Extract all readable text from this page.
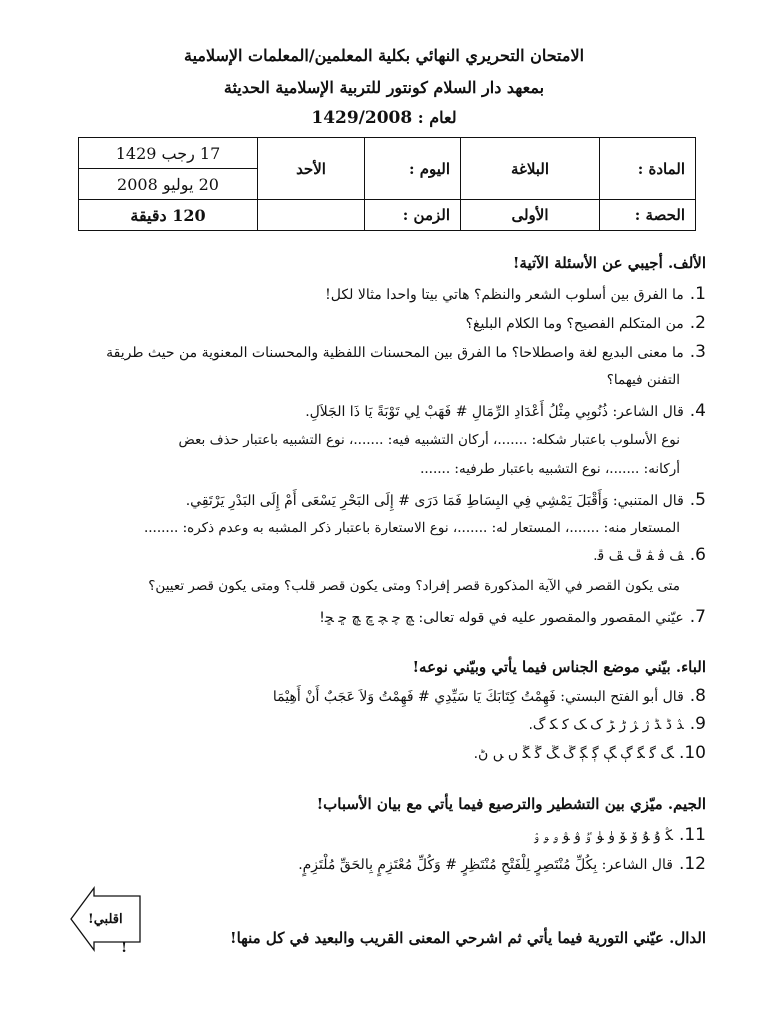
الامتحان التحريري النهائي بكلية المعلمين/المعلمات الإسلامية
بمعهد دار السلام كونتور للتربية الإسلامية الحديثة
لعام : 1429/2008
المادة :	البلاغة	اليوم :	الأحد	17 رجب 1429
				20 يوليو 2008
الحصة :	الأولى	الزمن :		120 دقيقة
الألف. أجيبي عن الأسئلة الآتية!
1.ما الفرق بين أسلوب الشعر والنظم؟ هاتي بيتا واحدا مثالا لكل!
2.من المتكلم الفصيح؟ وما الكلام البليغ؟
3.ما معنى البديع لغة واصطلاحا؟ ما الفرق بين المحسنات اللفظية والمحسنات المعنوية من حيث طريقة
التفنن فيهما؟
4.قال الشاعر: ذُنُوبِي مِثْلُ أَعْدَادِ الرِّمَالِ # فَهَبْ لِي تَوْبَةً يَا ذَا الجَلاَلِ.
نوع الأسلوب باعتبار شكله: .......، أركان التشبيه فيه: .......، نوع التشبيه باعتبار حذف بعض
أركانه: .......، نوع التشبيه باعتبار طرفيه: .......
5.قال المتنبي: وَأَقْبَلَ يَمْشِي فِي البِسَاطِ فَمَا دَرَى # إِلَى البَحْرِ يَسْعَى أَمْ إِلَى البَدْرِ يَرْتَقِي.
المستعار منه: .......، المستعار له: .......، نوع الاستعارة باعتبار ذكر المشبه به وعدم ذكره: ........
6.ﭫ ﭬ ﭭ ﭮ ﭯ ﭰ.
متى يكون القصر في الآية المذكورة قصر إفراد؟ ومتى يكون قصر قلب؟ ومتى يكون قصر تعيين؟
7.عيّني المقصور والمقصور عليه في قوله تعالى: ﭻ ﭼ ﭽ ﭾ ﭿ ﮀ ﮁ!
الباء. بيّني موضع الجناس فيما يأتي وبيّني نوعه!
8.قال أبو الفتح البستي: فَهِمْتُ كِتَابَكَ يَا سَيِّدِي # فَهِمْتُ وَلاَ عَجَبٌ أَنْ أَهِيْمَا
9.ﮇ ﮈ ﮉ ﮊ ﮋ ﮌ ﮍ ﮎ ﮏ ﮐ ﮑ ﮒ.
10.ﮓ ﮔ ﮕ ﮖ ﮗ ﮘ ﮙ ﮚ ﮛ ﮜ ﮝ ﮞ ﮟ ﮠ.
الجيم. ميّزي بين التشطير والترصيع فيما يأتي مع بيان الأسباب!
11.ﯖ ﯗ ﯘ ﯙ ﯚ ﯛ ﯜ ﯝ ﯞ ﯟ ﯠ ﯡ ﯢ
12.قال الشاعر: بِكُلِّ مُنْتَصِرٍ لِلْفَتْحِ مُنْتَظِرٍ # وَكُلِّ مُعْتَزِمٍ بِالحَقِّ مُلْتَزِمٍ.
اقلبي!
!
الدال. عيّني التورية فيما يأتي ثم اشرحي المعنى القريب والبعيد في كل منها!
